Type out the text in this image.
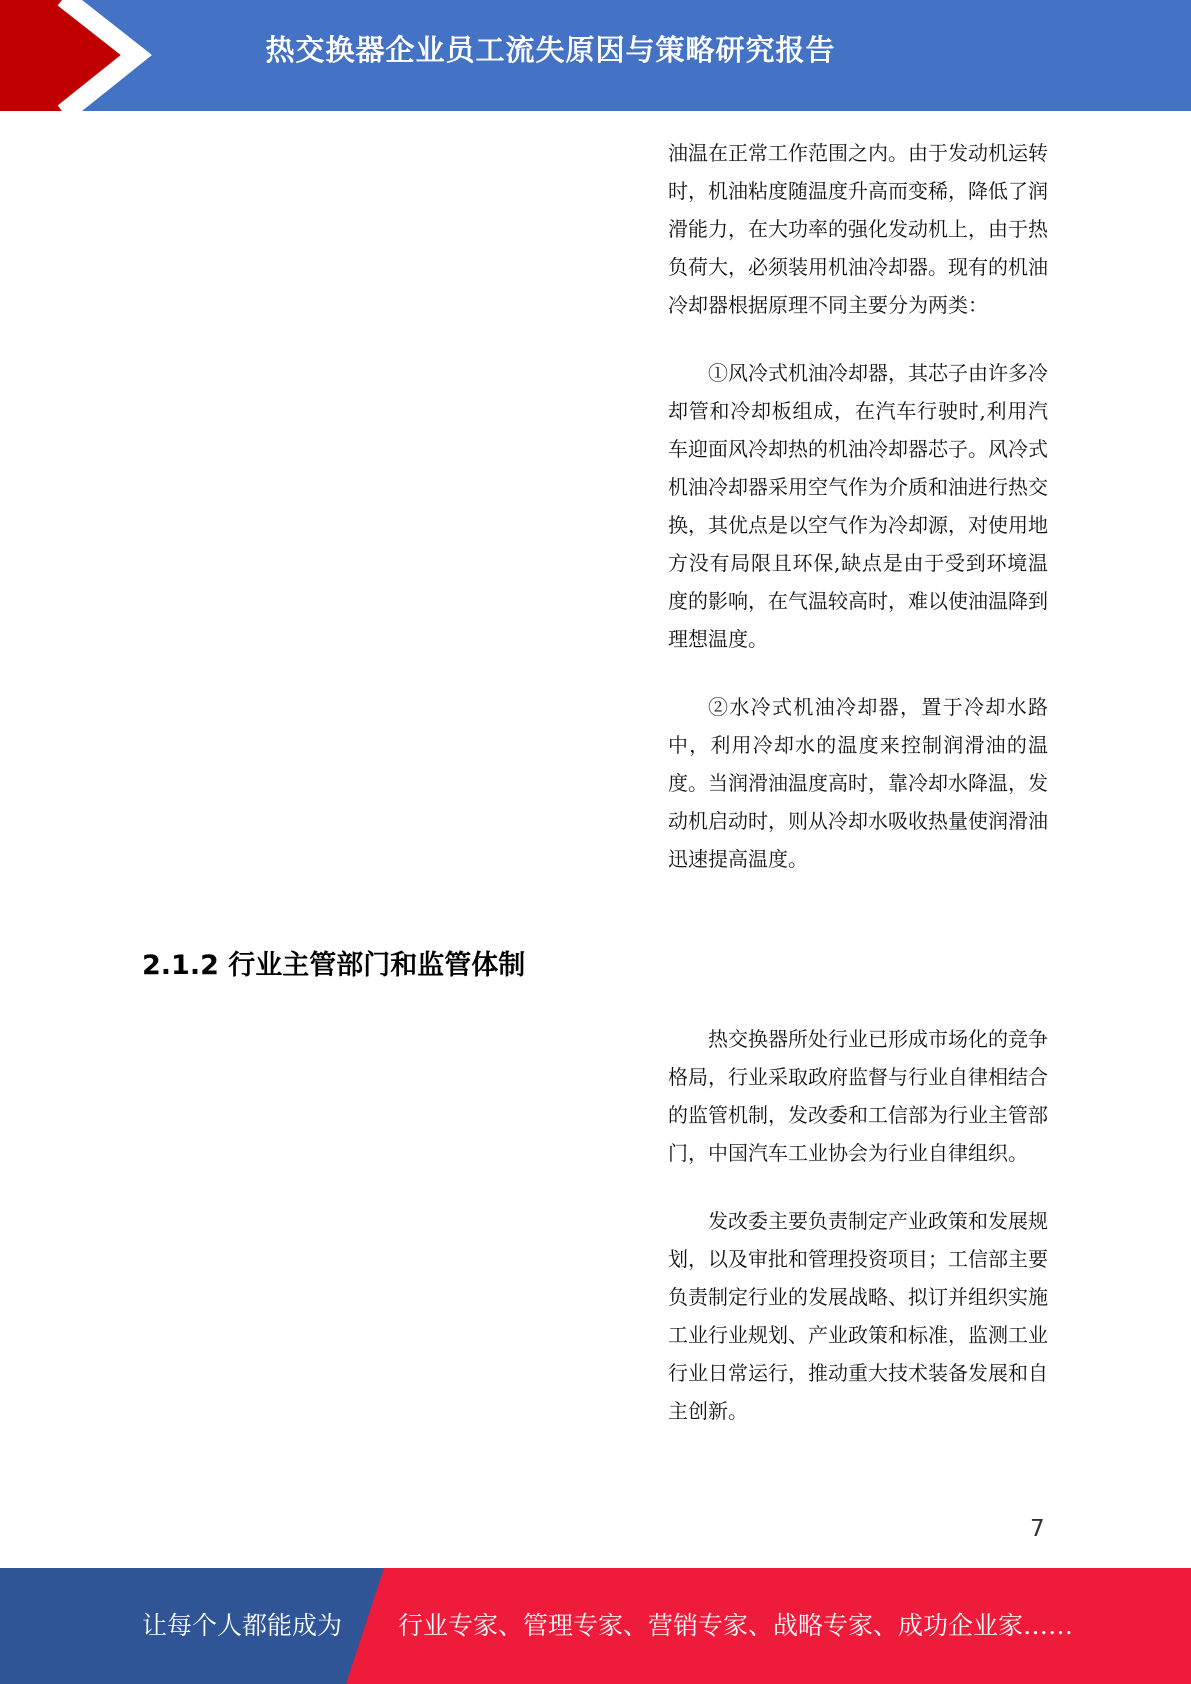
热交换器企业员工流失原因与策略研究报告

油温在正常工作范围之内。由于发动机运转时，机油粘度随温度升高而变稀，降低了润滑能力，在大功率的强化发动机上，由于热负荷大，必须装用机油冷却器。现有的机油冷却器根据原理不同主要分为两类：

①风冷式机油冷却器，其芯子由许多冷却管和冷却板组成，在汽车行驶时,利用汽车迎面风冷却热的机油冷却器芯子。风冷式机油冷却器采用空气作为介质和油进行热交换，其优点是以空气作为冷却源，对使用地方没有局限且环保,缺点是由于受到环境温度的影响，在气温较高时，难以使油温降到理想温度。

②水冷式机油冷却器，置于冷却水路中，利用冷却水的温度来控制润滑油的温度。当润滑油温度高时，靠冷却水降温，发动机启动时，则从冷却水吸收热量使润滑油迅速提高温度。

2.1.2 行业主管部门和监管体制

热交换器所处行业已形成市场化的竞争格局，行业采取政府监督与行业自律相结合的监管机制，发改委和工信部为行业主管部门，中国汽车工业协会为行业自律组织。

发改委主要负责制定产业政策和发展规划，以及审批和管理投资项目；工信部主要负责制定行业的发展战略、拟订并组织实施工业行业规划、产业政策和标准，监测工业行业日常运行，推动重大技术装备发展和自主创新。

7
让每个人都能成为 行业专家、管理专家、营销专家、战略专家、成功企业家……
